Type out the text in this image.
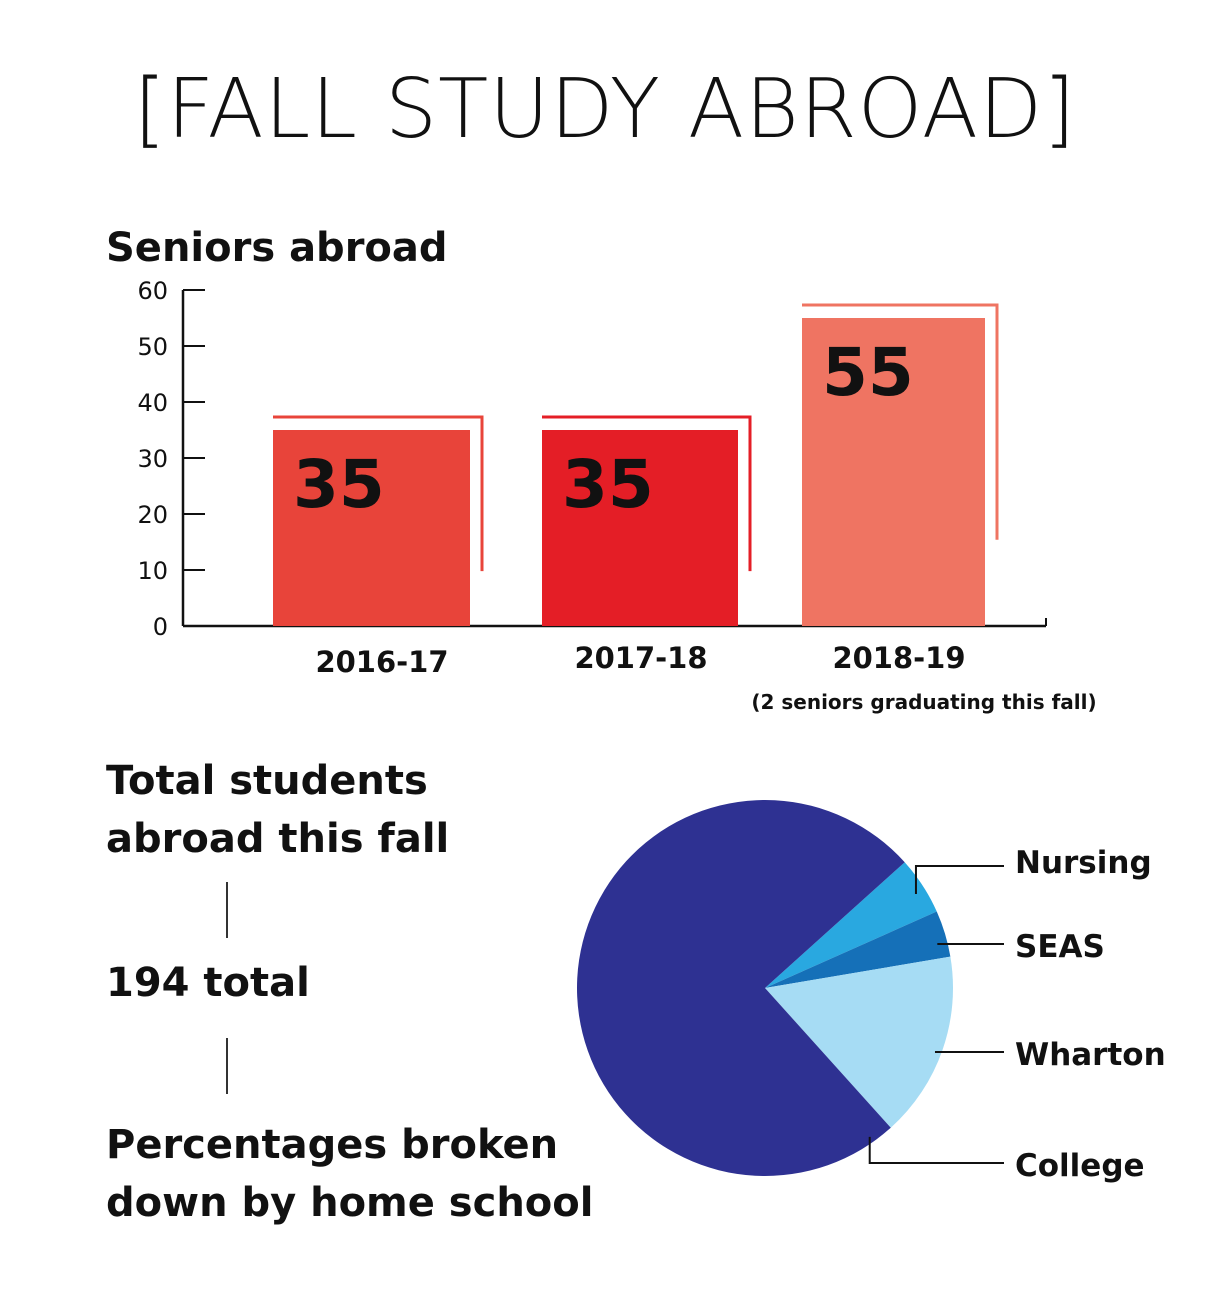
[FALL STUDY ABROAD]
Seniors abroad
Total students
abroad this fall
194 total
Percentages broken
down by home school
0
10
20
30
40
50
60
35
2016-17
35
2017-18
55
2018-19
(2 seniors graduating this fall)
Nursing
SEAS
Wharton
College
